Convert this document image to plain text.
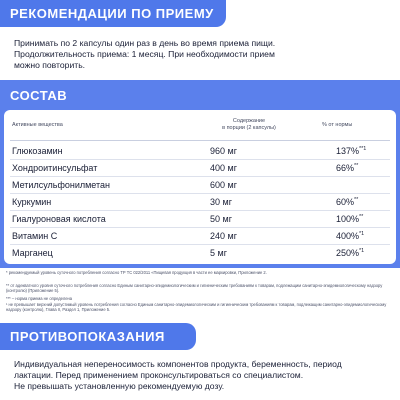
РЕКОМЕНДАЦИИ ПО ПРИЕМУ
Принимать по 2 капсулы один раз в день во время приема пищи.
Продолжительность приема: 1 месяц. При необходимости прием
можно повторить.
СОСТАВ
Активные вещества
Содержание
в порции (2 капсулы)	% от нормы
Глюкозамин	960 мг	137%$^{**1}$
Хондроитинсульфат	400 мг	66%**
Метилсульфонилметан	600 мг
Куркумин	30 мг	60%**
Гиалуроновая кислота	50 мг	100%**
Витамин С	240 мг	400%$^{*1}$
Марганец	5 мг	250%$^{*1}$
* рекомендуемый уровень суточного потребления согласно ТР ТС 022/2011 «Пищевая продукция в части ее маркировки, Приложение 2.
** от адекватного уровня суточного потребления согласно Единым санитарно-эпидемиологическим и гигиеническим требованиям к товарам, подлежащим санитарно-эпидемиологическому надзору (контролю) (Приложение 5).
*** – норма приема не определена
¹ не превышает верхний допустимый уровень потребления согласно Единым санитарно-эпидемиологическим и гигиеническим требованиям к товарам, подлежащим санитарно-эпидемиологическому надзору (контролю), Глава II, Раздел 1, Приложение 5.
ПРОТИВОПОКАЗАНИЯ
Индивидуальная непереносимость компонентов продукта, беременность, период
лактации. Перед применением проконсультироваться со специалистом.
Не превышать установленную рекомендуемую дозу.
